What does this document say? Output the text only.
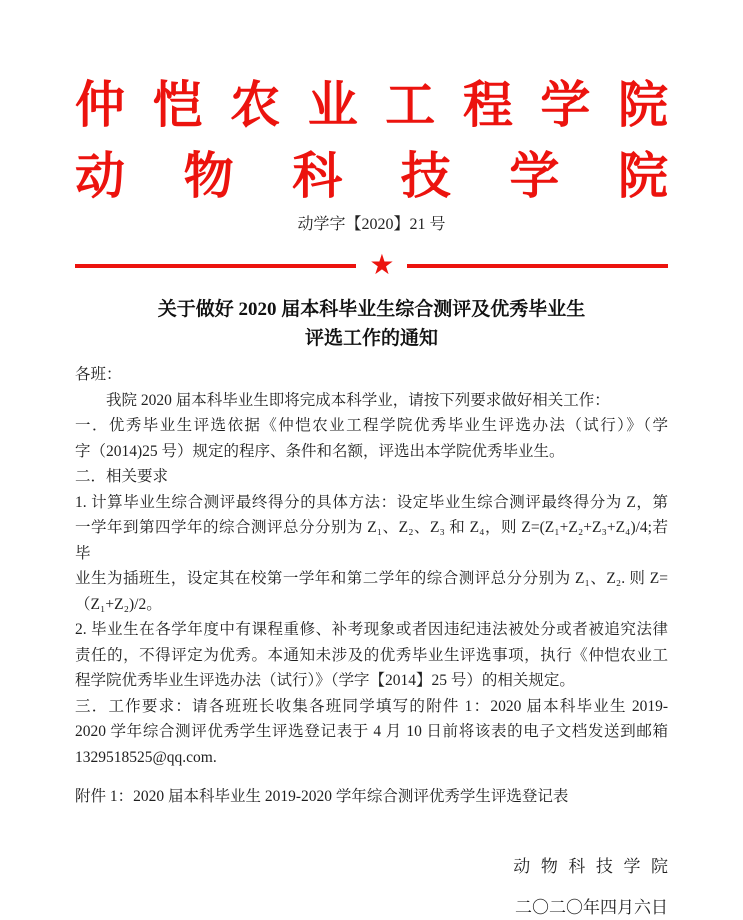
仲恺农业工程学院
动物科技学院
动学字【2020】21 号
★
关于做好 2020 届本科毕业生综合测评及优秀毕业生
评选工作的通知

各班：

我院 2020 届本科毕业生即将完成本科学业，请按下列要求做好相关工作：

一．优秀毕业生评选依据《仲恺农业工程学院优秀毕业生评选办法（试行）》（学

字（2014)25 号）规定的程序、条件和名额，评选出本学院优秀毕业生。

二．相关要求

1. 计算毕业生综合测评最终得分的具体方法：设定毕业生综合测评最终得分为 Z，第

一学年到第四学年的综合测评总分分别为 Z₁、Z₂、Z₃ 和 Z₄，则 Z=(Z₁+Z₂+Z₃+Z₄)/4;若毕

业生为插班生，设定其在校第一学年和第二学年的综合测评总分分别为 Z₁、Z₂. 则 Z=

（Z₁+Z₂)/2。

2. 毕业生在各学年度中有课程重修、补考现象或者因违纪违法被处分或者被追究法律

责任的，不得评定为优秀。本通知未涉及的优秀毕业生评选事项，执行《仲恺农业工

程学院优秀毕业生评选办法（试行）》（学字【2014】25 号）的相关规定。

三．工作要求：请各班班长收集各班同学填写的附件 1：2020 届本科毕业生 2019-

2020 学年综合测评优秀学生评选登记表于 4 月 10 日前将该表的电子文档发送到邮箱

1329518525@qq.com.

附件 1：2020 届本科毕业生 2019-2020 学年综合测评优秀学生评选登记表

动物科技学院
二〇二〇年四月六日
